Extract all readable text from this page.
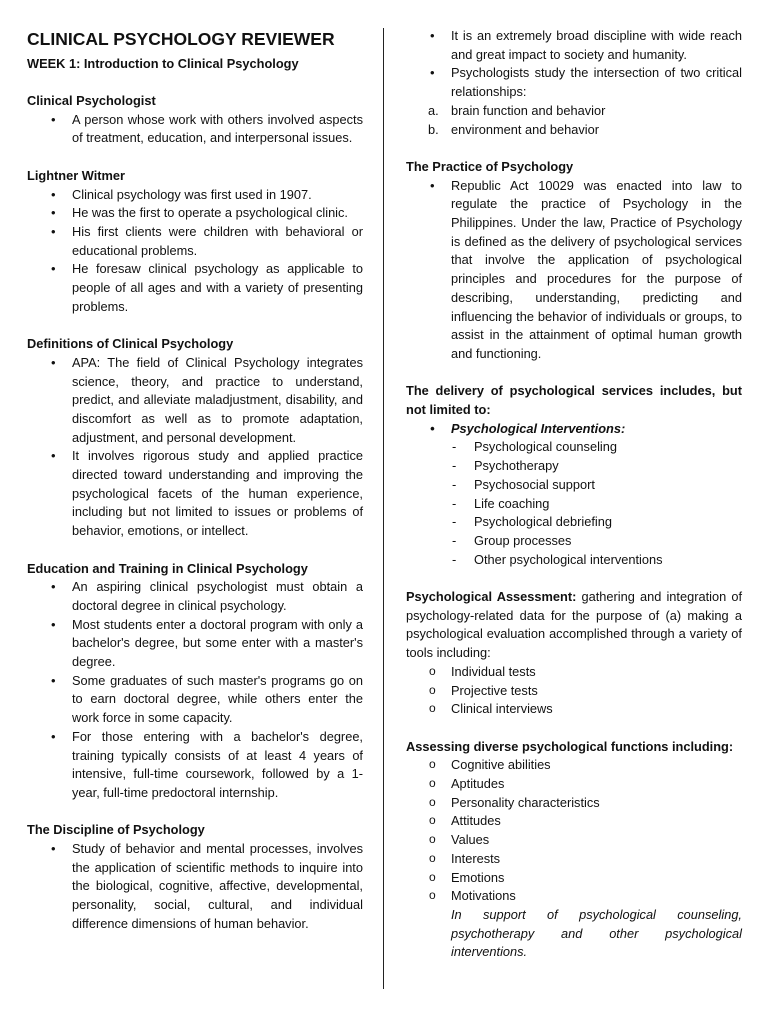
CLINICAL PSYCHOLOGY REVIEWER
WEEK 1: Introduction to Clinical Psychology
Clinical Psychologist
• A person whose work with others involved aspects of treatment, education, and interpersonal issues.
Lightner Witmer
• Clinical psychology was first used in 1907.
• He was the first to operate a psychological clinic.
• His first clients were children with behavioral or educational problems.
• He foresaw clinical psychology as applicable to people of all ages and with a variety of presenting problems.
Definitions of Clinical Psychology
• APA: The field of Clinical Psychology integrates science, theory, and practice to understand, predict, and alleviate maladjustment, disability, and discomfort as well as to promote adaptation, adjustment, and personal development.
• It involves rigorous study and applied practice directed toward understanding and improving the psychological facets of the human experience, including but not limited to issues or problems of behavior, emotions, or intellect.
Education and Training in Clinical Psychology
• An aspiring clinical psychologist must obtain a doctoral degree in clinical psychology.
• Most students enter a doctoral program with only a bachelor's degree, but some enter with a master's degree.
• Some graduates of such master's programs go on to earn doctoral degree, while others enter the work force in some capacity.
• For those entering with a bachelor's degree, training typically consists of at least 4 years of intensive, full-time coursework, followed by a 1-year, full-time predoctoral internship.
The Discipline of Psychology
• Study of behavior and mental processes, involves the application of scientific methods to inquire into the biological, cognitive, affective, developmental, personality, social, cultural, and individual difference dimensions of human behavior.
• It is an extremely broad discipline with wide reach and great impact to society and humanity.
• Psychologists study the intersection of two critical relationships:
a. brain function and behavior
b. environment and behavior
The Practice of Psychology
• Republic Act 10029 was enacted into law to regulate the practice of Psychology in the Philippines. Under the law, Practice of Psychology is defined as the delivery of psychological services that involve the application of psychological principles and procedures for the purpose of describing, understanding, predicting and influencing the behavior of individuals or groups, to assist in the attainment of optimal human growth and functioning.

The delivery of psychological services includes, but not limited to:

• Psychological Interventions:
- Psychological counseling
- Psychotherapy
- Psychosocial support
- Life coaching
- Psychological debriefing
- Group processes
- Other psychological interventions

Psychological Assessment: gathering and integration of psychology-related data for the purpose of (a) making a psychological evaluation accomplished through a variety of tools including:

o Individual tests
o Projective tests
o Clinical interviews
Assessing diverse psychological functions including:
o Cognitive abilities
o Aptitudes
o Personality characteristics
o Attitudes
o Values
o Interests
o Emotions
o Motivations
In support of psychological counseling, psychotherapy and other psychological interventions.
